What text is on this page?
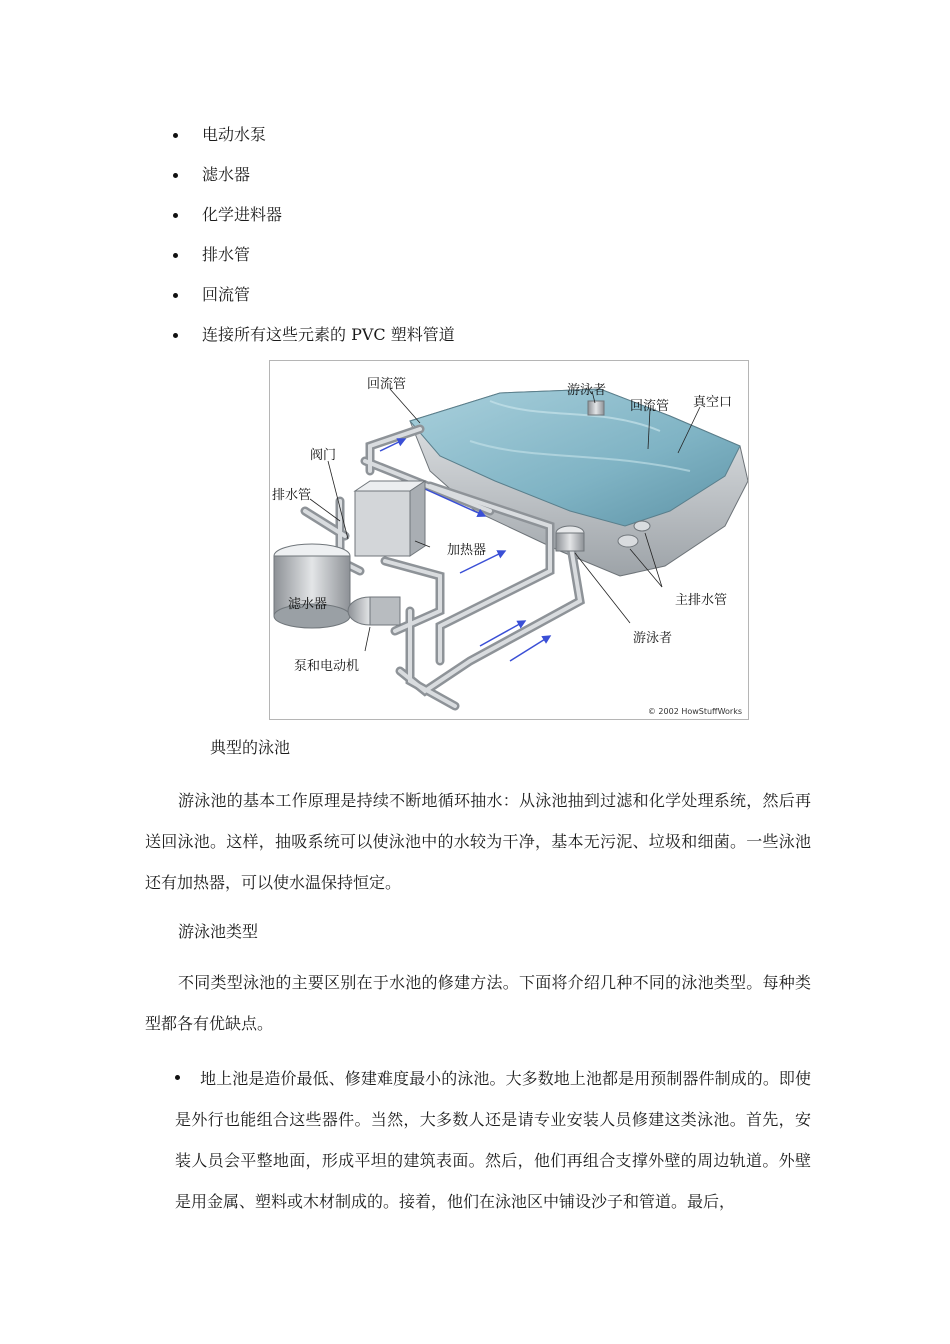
电动水泵
滤水器
化学进料器
排水管
回流管
连接所有这些元素的 PVC 塑料管道
回流管	游泳者
回流管 真空口
阀门
排水管
加热器
滤水器	主排水管
游泳者
泵和电动机
© 2002 HowStuffWorks
典型的泳池

游泳池的基本工作原理是持续不断地循环抽水：从泳池抽到过滤和化学处理系统，然后再送回泳池。这样，抽吸系统可以使泳池中的水较为干净，基本无污泥、垃圾和细菌。一些泳池还有加热器，可以使水温保持恒定。

游泳池类型

不同类型泳池的主要区别在于水池的修建方法。下面将介绍几种不同的泳池类型。每种类型都各有优缺点。

地上池是造价最低、修建难度最小的泳池。大多数地上池都是用预制器件制成的。即使是外行也能组合这些器件。当然，大多数人还是请专业安装人员修建这类泳池。首先，安装人员会平整地面，形成平坦的建筑表面。然后，他们再组合支撑外壁的周边轨道。外壁是用金属、塑料或木材制成的。接着，他们在泳池区中铺设沙子和管道。最后，
